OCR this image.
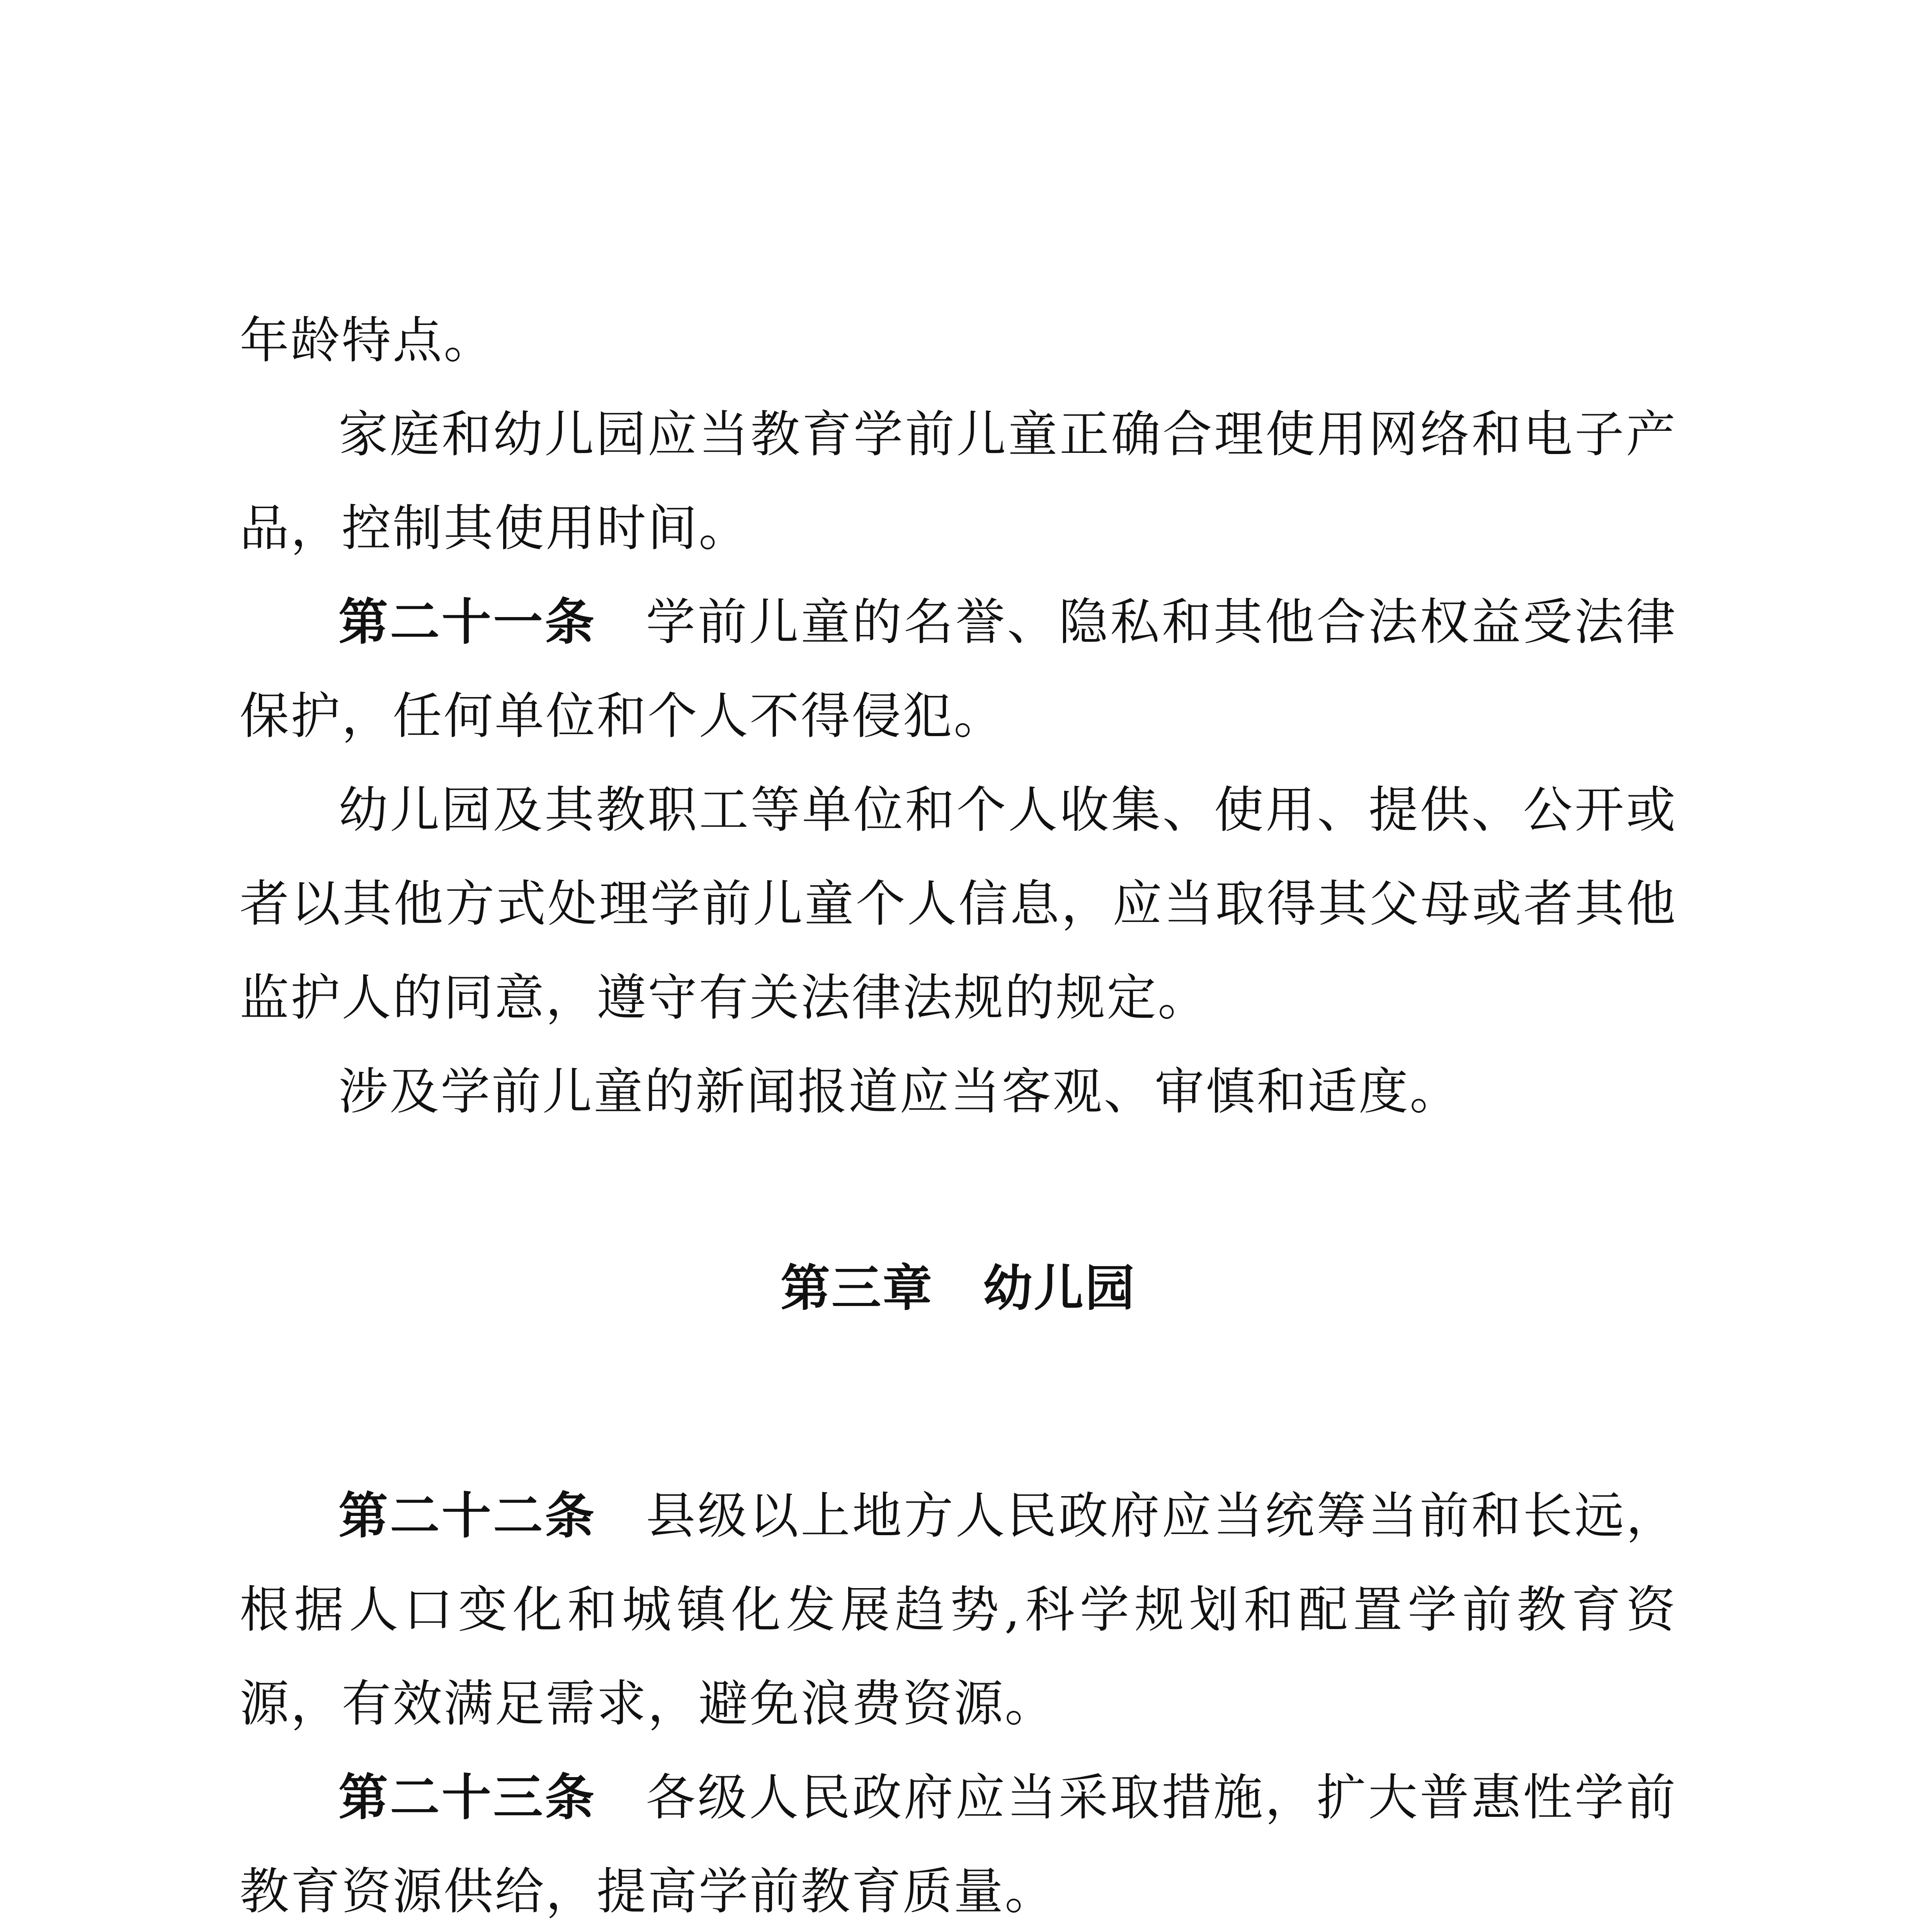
年龄特点。

家庭和幼儿园应当教育学前儿童正确合理使用网络和电子产品，控制其使用时间。

第二十一条 学前儿童的名誉、隐私和其他合法权益受法律保护，任何单位和个人不得侵犯。

幼儿园及其教职工等单位和个人收集、使用、提供、公开或者以其他方式处理学前儿童个人信息，应当取得其父母或者其他监护人的同意，遵守有关法律法规的规定。

涉及学前儿童的新闻报道应当客观、审慎和适度。

第三章 幼儿园

第二十二条 县级以上地方人民政府应当统筹当前和长远，根据人口变化和城镇化发展趋势,科学规划和配置学前教育资源，有效满足需求，避免浪费资源。

第二十三条 各级人民政府应当采取措施，扩大普惠性学前教育资源供给，提高学前教育质量。
